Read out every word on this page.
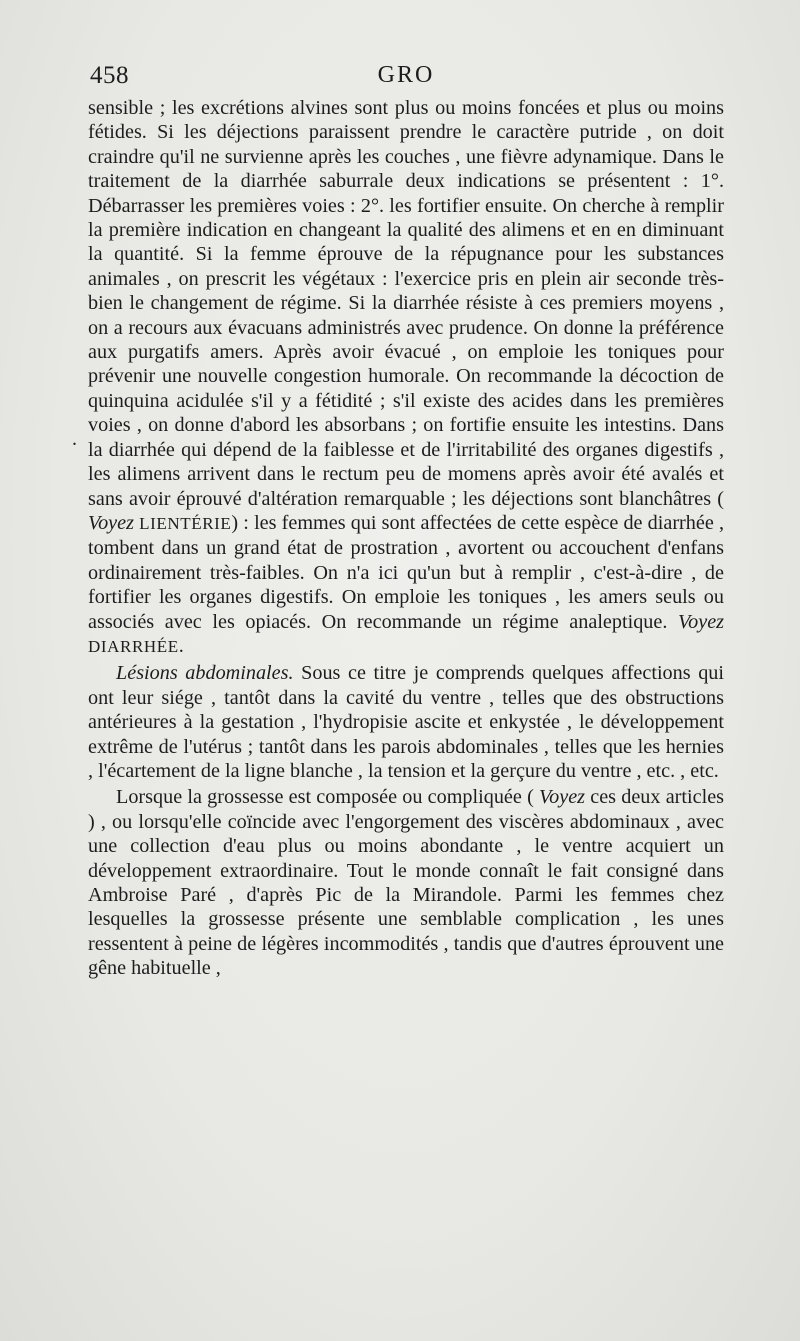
458	GRO
.

sensible ; les excrétions alvines sont plus ou moins foncées et plus ou moins fétides. Si les déjections paraissent prendre le caractère putride , on doit craindre qu'il ne survienne après les couches , une fièvre adynamique. Dans le traitement de la diarrhée saburrale deux indications se présentent : 1°. Débarrasser les premières voies : 2°. les fortifier ensuite. On cherche à remplir la première indication en changeant la qualité des alimens et en en diminuant la quantité. Si la femme éprouve de la répugnance pour les substances animales , on prescrit les végétaux : l'exercice pris en plein air seconde très-bien le changement de régime. Si la diarrhée résiste à ces premiers moyens , on a recours aux évacuans administrés avec prudence. On donne la préférence aux purgatifs amers. Après avoir évacué , on emploie les toniques pour prévenir une nouvelle congestion humorale. On recommande la décoction de quinquina acidulée s'il y a fétidité ; s'il existe des acides dans les premières voies , on donne d'abord les absorbans ; on fortifie ensuite les intestins. Dans la diarrhée qui dépend de la faiblesse et de l'irritabilité des organes digestifs , les alimens arrivent dans le rectum peu de momens après avoir été avalés et sans avoir éprouvé d'altération remarquable ; les déjections sont blanchâtres ( Voyez LIENTÉRIE) : les femmes qui sont affectées de cette espèce de diarrhée , tombent dans un grand état de prostration , avortent ou accouchent d'enfans ordinairement très-faibles. On n'a ici qu'un but à remplir , c'est-à-dire , de fortifier les organes digestifs. On emploie les toniques , les amers seuls ou associés avec les opiacés. On recommande un régime analeptique. Voyez DIARRHÉE.

Lésions abdominales. Sous ce titre je comprends quelques affections qui ont leur siége , tantôt dans la cavité du ventre , telles que des obstructions antérieures à la gestation , l'hydropisie ascite et enkystée , le développement extrême de l'utérus ; tantôt dans les parois abdominales , telles que les hernies , l'écartement de la ligne blanche , la tension et la gerçure du ventre , etc. , etc.

Lorsque la grossesse est composée ou compliquée ( Voyez ces deux articles ) , ou lorsqu'elle coïncide avec l'engorgement des viscères abdominaux , avec une collection d'eau plus ou moins abondante , le ventre acquiert un développement extraordinaire. Tout le monde connaît le fait consigné dans Ambroise Paré , d'après Pic de la Mirandole. Parmi les femmes chez lesquelles la grossesse présente une semblable complication , les unes ressentent à peine de légères incommodités , tandis que d'autres éprouvent une gêne habituelle ,
